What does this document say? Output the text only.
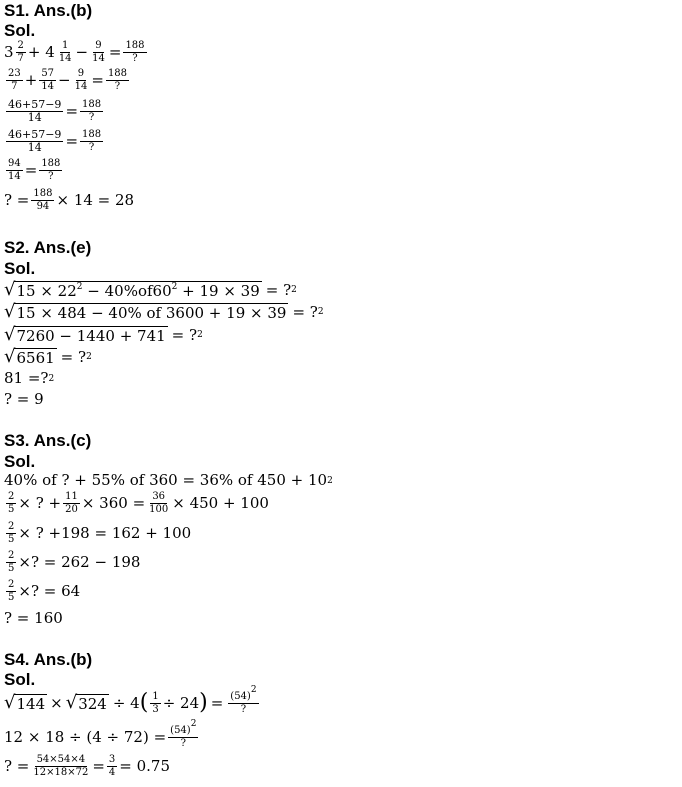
S1. Ans.(b)
Sol.
$3 \frac{2}{7} + 4 \frac{1}{14} - \frac{9}{14} = \frac{188}{?}$
$\frac{23}{7} + \frac{57}{14} - \frac{9}{14} = \frac{188}{?}$
$\frac{46+57-9}{14} = \frac{188}{?}$
$\frac{46+57-9}{14} = \frac{188}{?}$
$\frac{94}{14} = \frac{188}{?}$
? = $\frac{188}{94} \times 14 = 28$
S2. Ans.(e)
Sol.
√ $15 \times 22^2 - 40\%of60^2 + 19 \times 39$ = ? 2
√ 15 × 484 − 40% of 3600 + 19 × 39 = ? 2
√ 7260 − 1440 + 741 = ? 2
√ 6561 = ? 2
81 =? 2
? = 9
S3. Ans.(c)
Sol.
40% of ? + 55% of 360 = 36% of 450 + 10 2
$\frac{2}{5}$ × ? + $\frac{11}{20} \times 360 = \frac{36}{100} \times 450 + 100$
$\frac{2}{5}$ × ? +198 = 162 + 100
$\frac{2}{5}$ ×? = 262 − 198
$\frac{2}{5}$ ×? = 64
? = 160
S4. Ans.(b)
Sol.
√ 144 × √ 324 ÷ 4 ( $\frac{1}{3} \div 24$ ) = $\frac{(54)^2}{?}$
$12 \times 18 \div (4 \div 72) = \frac{(54)^2}{?}$
? = $\frac{54\times 54\times 4}{12\times 18\times 72} = \frac{3}{4} = 0.75$
